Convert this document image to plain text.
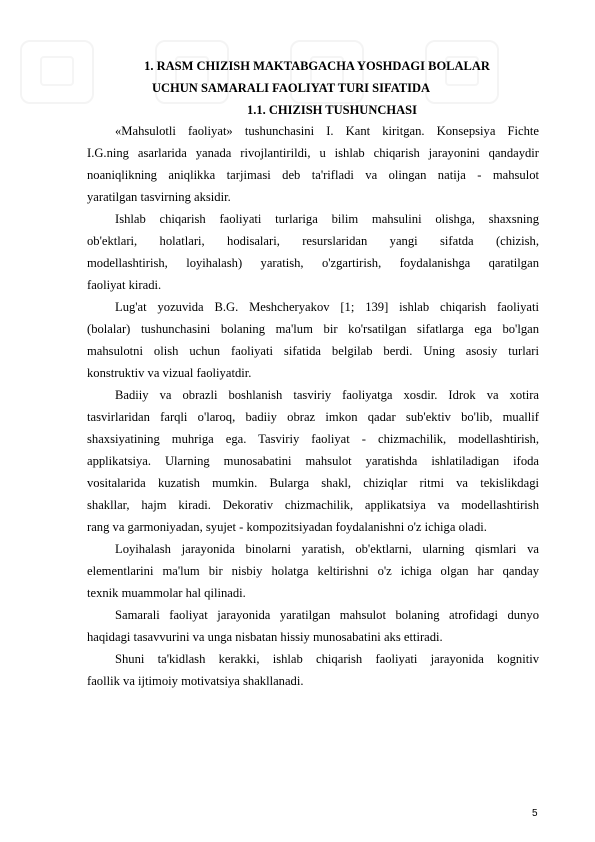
1. RASM CHIZISH MAKTABGACHA YOSHDAGI BOLALAR
UCHUN SAMARALI FAOLIYAT TURI SIFATIDA
1.1. CHIZISH TUSHUNCHASI
«Mahsulotli faoliyat» tushunchasini I. Kant kiritgan. Konsepsiya Fichte
I.G.ning asarlarida yanada rivojlantirildi, u ishlab chiqarish jarayonini qandaydir
noaniqlikning aniqlikka tarjimasi deb ta'rifladi va olingan natija - mahsulot
yaratilgan tasvirning aksidir.
Ishlab chiqarish faoliyati turlariga bilim mahsulini olishga, shaxsning
ob'ektlari, holatlari, hodisalari, resurslaridan yangi sifatda (chizish,
modellashtirish, loyihalash) yaratish, o'zgartirish, foydalanishga qaratilgan
faoliyat kiradi.
Lug'at yozuvida B.G. Meshcheryakov [1; 139] ishlab chiqarish faoliyati
(bolalar) tushunchasini bolaning ma'lum bir ko'rsatilgan sifatlarga ega bo'lgan
mahsulotni olish uchun faoliyati sifatida belgilab berdi. Uning asosiy turlari
konstruktiv va vizual faoliyatdir.
Badiiy va obrazli boshlanish tasviriy faoliyatga xosdir. Idrok va xotira
tasvirlaridan farqli o'laroq, badiiy obraz imkon qadar sub'ektiv bo'lib, muallif
shaxsiyatining muhriga ega. Tasviriy faoliyat - chizmachilik, modellashtirish,
applikatsiya. Ularning munosabatini mahsulot yaratishda ishlatiladigan ifoda
vositalarida kuzatish mumkin. Bularga shakl, chiziqlar ritmi va tekislikdagi
shakllar, hajm kiradi. Dekorativ chizmachilik, applikatsiya va modellashtirish
rang va garmoniyadan, syujet - kompozitsiyadan foydalanishni o'z ichiga oladi.
Loyihalash jarayonida binolarni yaratish, ob'ektlarni, ularning qismlari va
elementlarini ma'lum bir nisbiy holatga keltirishni o'z ichiga olgan har qanday
texnik muammolar hal qilinadi.
Samarali faoliyat jarayonida yaratilgan mahsulot bolaning atrofidagi dunyo
haqidagi tasavvurini va unga nisbatan hissiy munosabatini aks ettiradi.
Shuni ta'kidlash kerakki, ishlab chiqarish faoliyati jarayonida kognitiv
faollik va ijtimoiy motivatsiya shakllanadi.
5
